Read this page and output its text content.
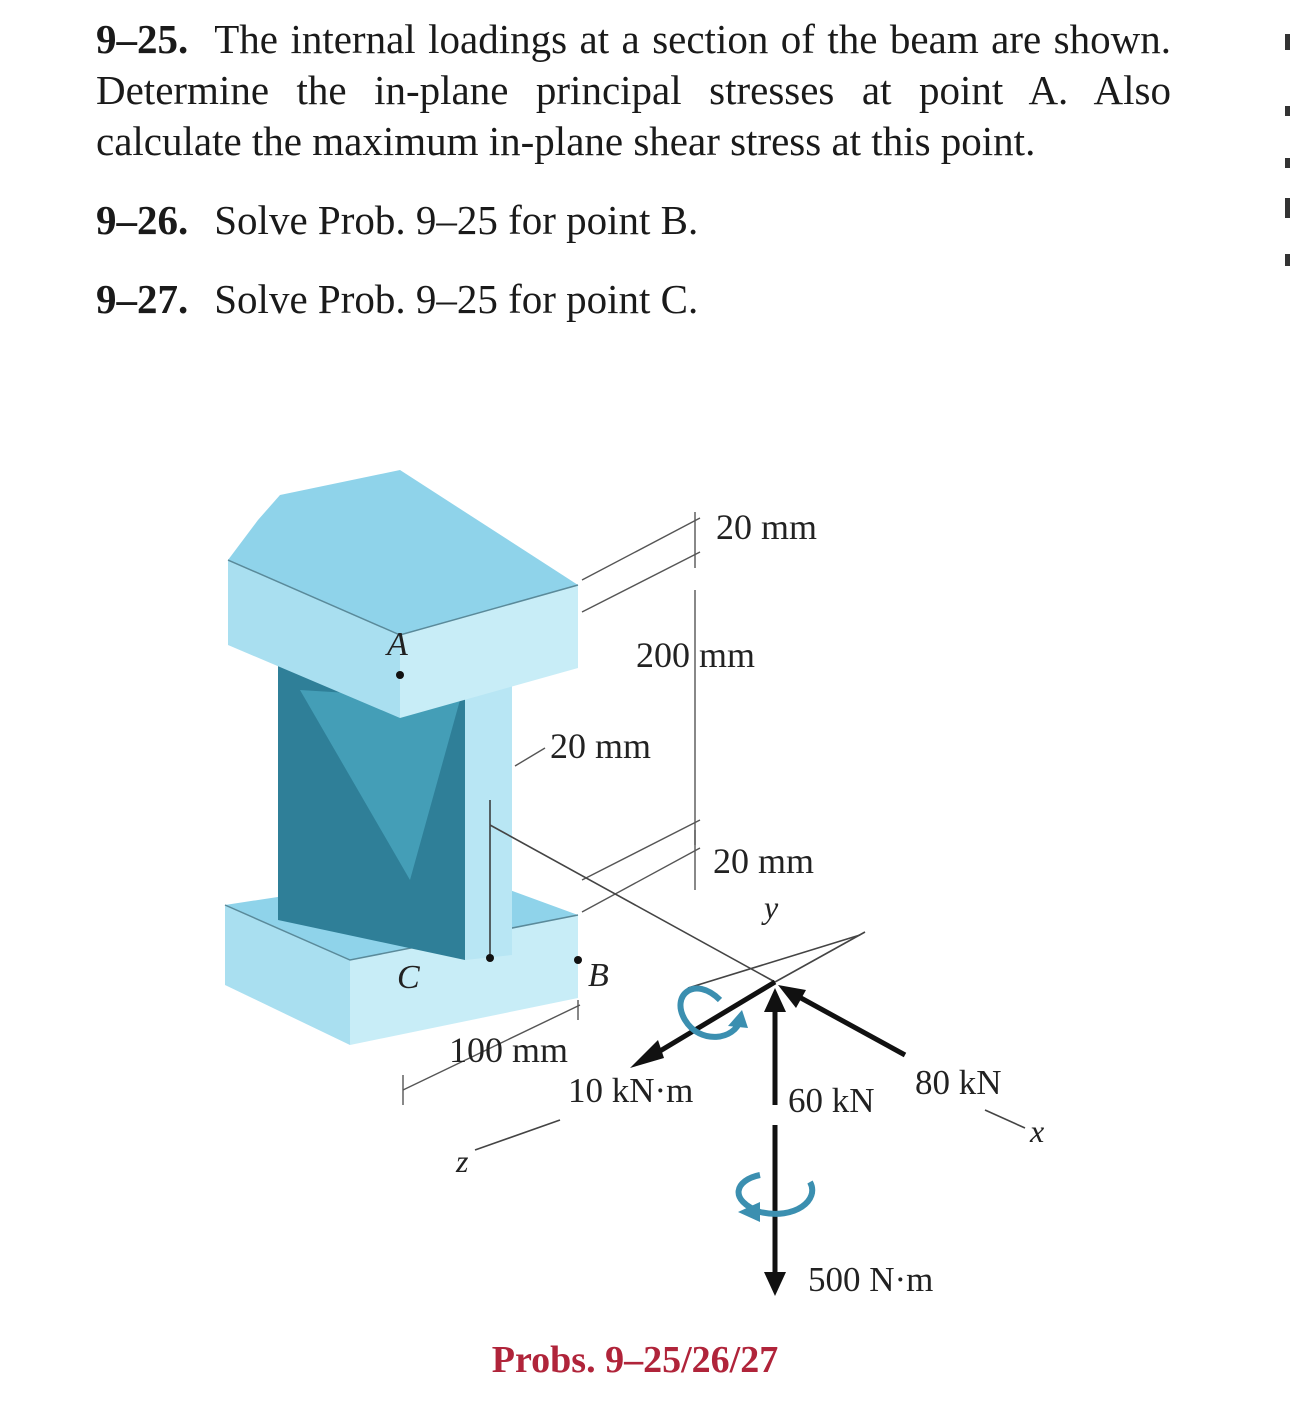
9–25. The internal loadings at a section of the beam are shown. Determine the in-plane principal stresses at point A. Also calculate the maximum in-plane shear stress at this point.

9–26. Solve Prob. 9–25 for point B.

9–27. Solve Prob. 9–25 for point C.

20 mm
200 mm
20 mm
20 mm
100 mm
A
B
C
y
x
z
10 kN·m	60 kN 80 kN
500 N·m
Probs. 9–25/26/27
